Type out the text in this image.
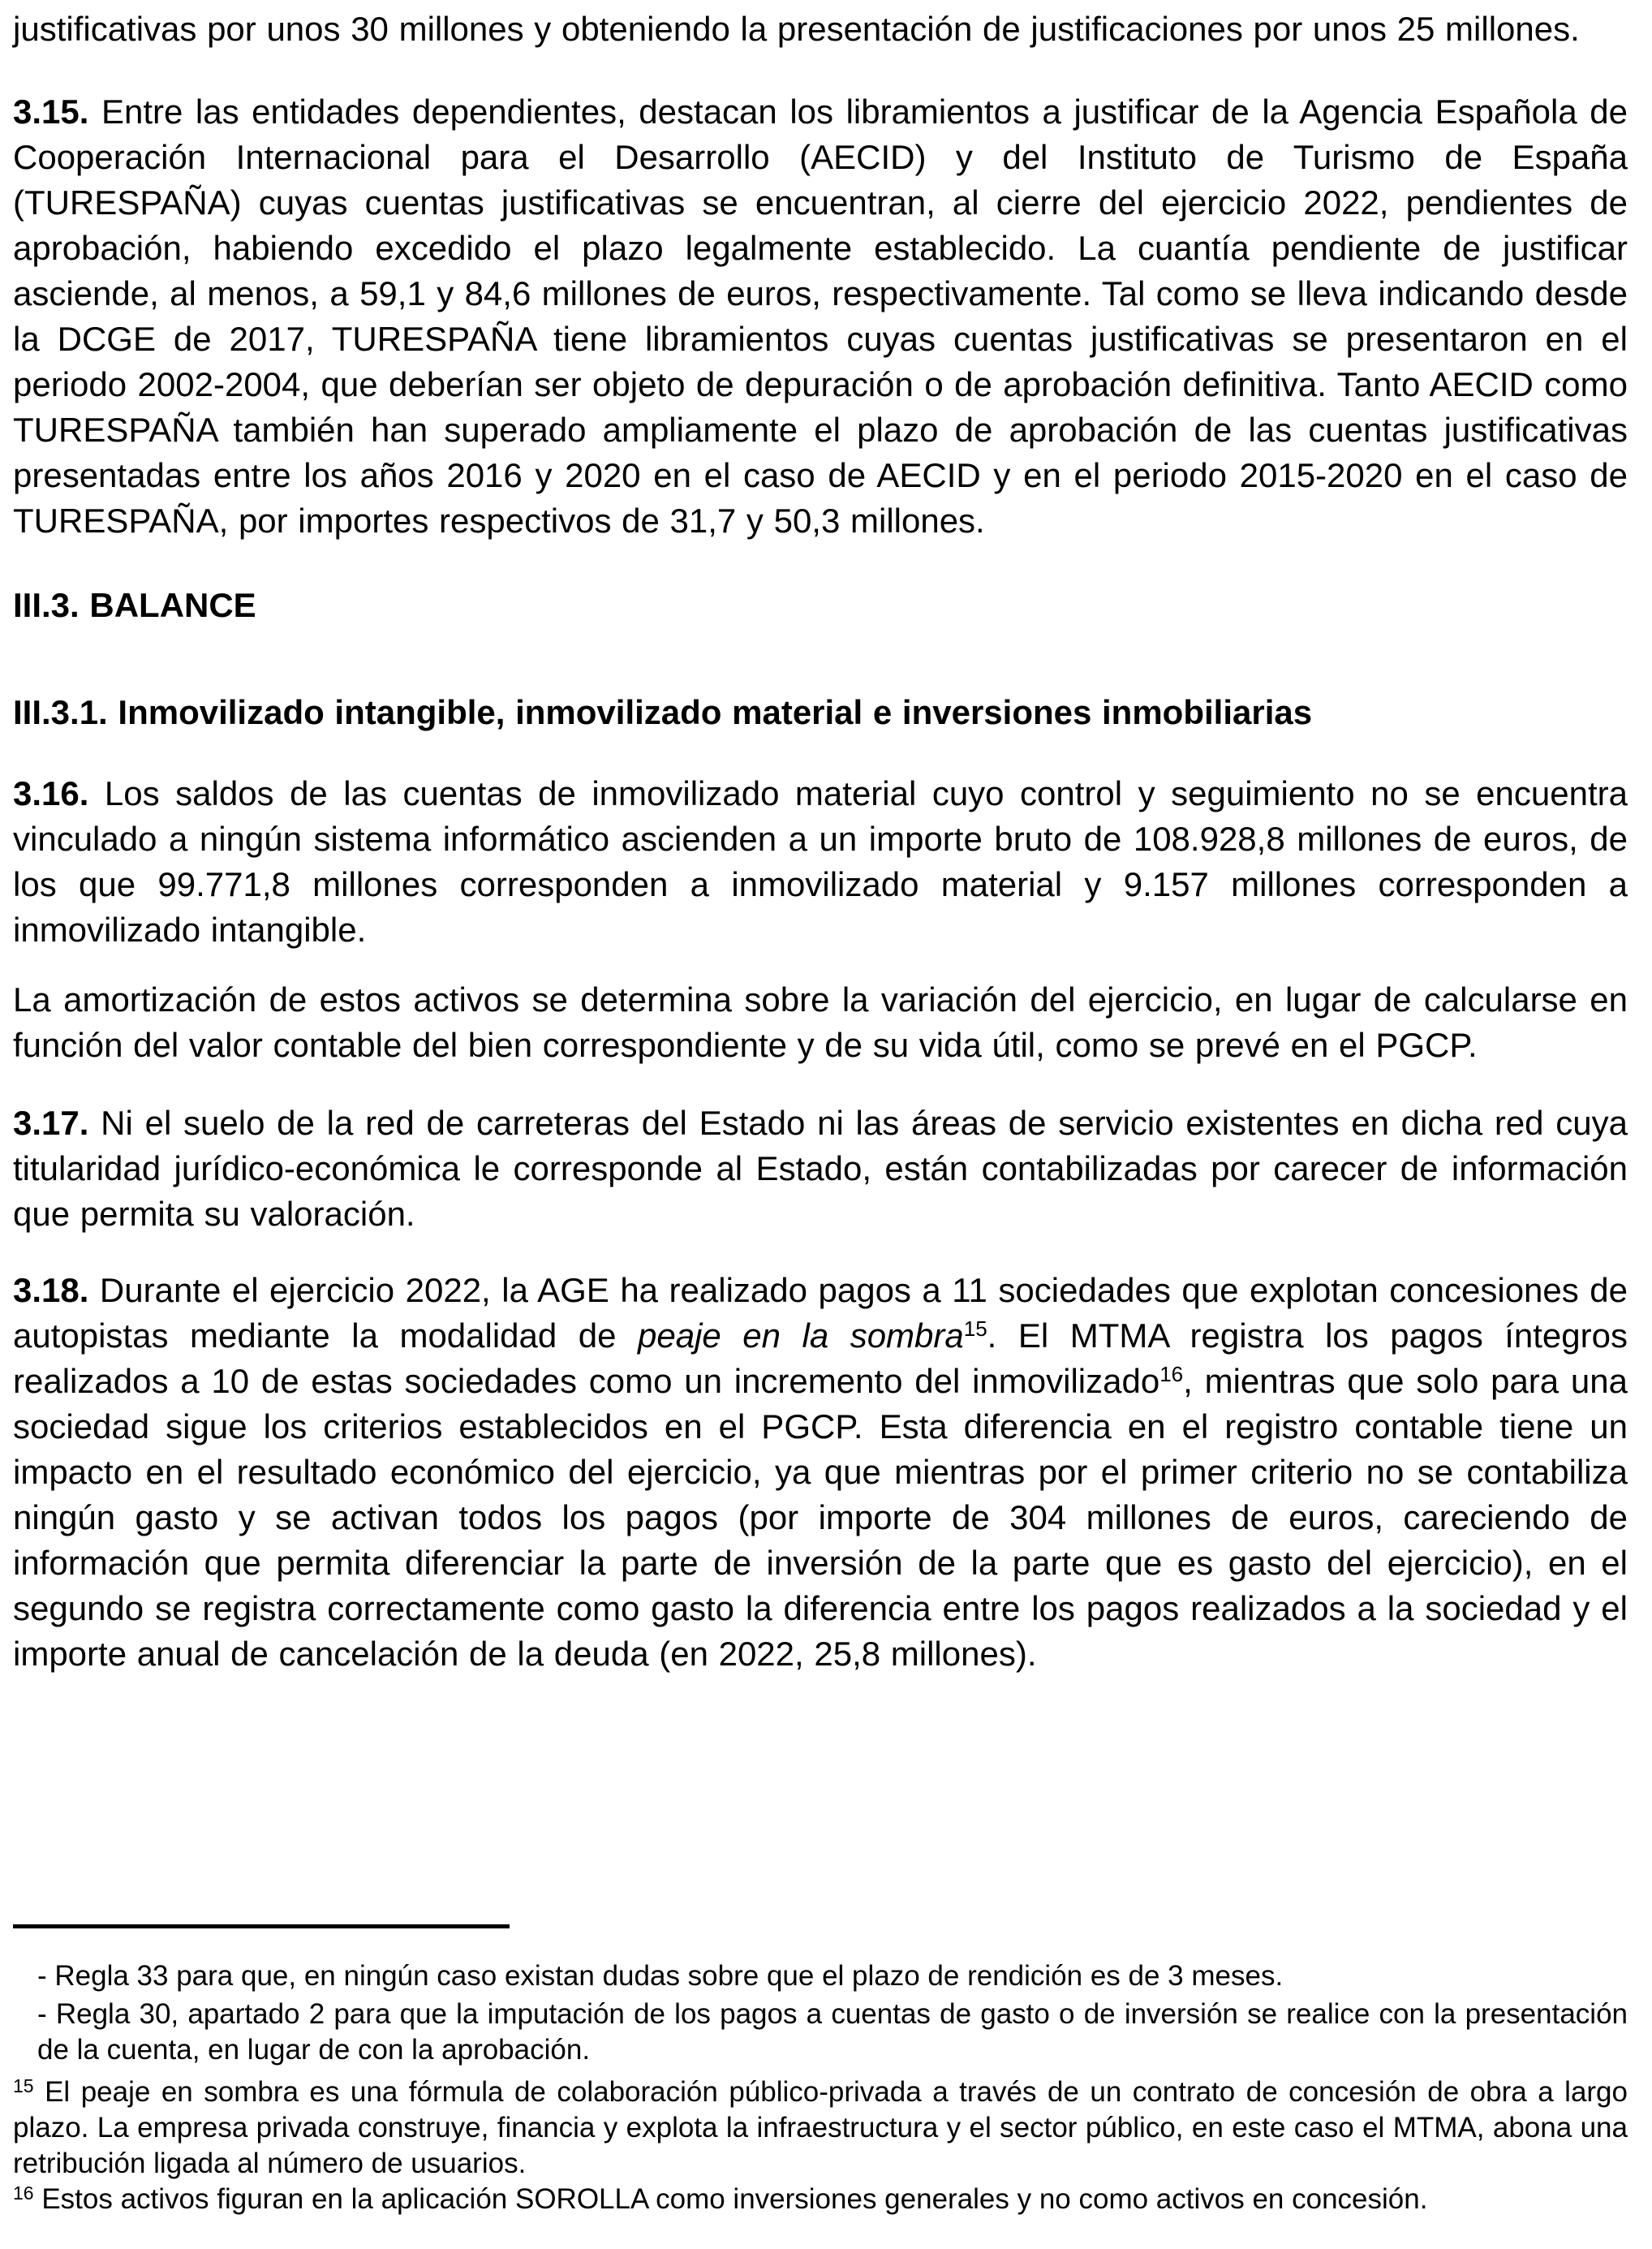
justificativas por unos 30 millones y obteniendo la presentación de justificaciones por unos 25 millones.

3.15. Entre las entidades dependientes, destacan los libramientos a justificar de la Agencia Española de Cooperación Internacional para el Desarrollo (AECID) y del Instituto de Turismo de España (TURESPAÑA) cuyas cuentas justificativas se encuentran, al cierre del ejercicio 2022, pendientes de aprobación, habiendo excedido el plazo legalmente establecido. La cuantía pendiente de justificar asciende, al menos, a 59,1 y 84,6 millones de euros, respectivamente. Tal como se lleva indicando desde la DCGE de 2017, TURESPAÑA tiene libramientos cuyas cuentas justificativas se presentaron en el periodo 2002-2004, que deberían ser objeto de depuración o de aprobación definitiva. Tanto AECID como TURESPAÑA también han superado ampliamente el plazo de aprobación de las cuentas justificativas presentadas entre los años 2016 y 2020 en el caso de AECID y en el periodo 2015-2020 en el caso de TURESPAÑA, por importes respectivos de 31,7 y 50,3 millones.

III.3. BALANCE

III.3.1. Inmovilizado intangible, inmovilizado material e inversiones inmobiliarias

3.16. Los saldos de las cuentas de inmovilizado material cuyo control y seguimiento no se encuentra vinculado a ningún sistema informático ascienden a un importe bruto de 108.928,8 millones de euros, de los que 99.771,8 millones corresponden a inmovilizado material y 9.157 millones corresponden a inmovilizado intangible.

La amortización de estos activos se determina sobre la variación del ejercicio, en lugar de calcularse en función del valor contable del bien correspondiente y de su vida útil, como se prevé en el PGCP.

3.17. Ni el suelo de la red de carreteras del Estado ni las áreas de servicio existentes en dicha red cuya titularidad jurídico-económica le corresponde al Estado, están contabilizadas por carecer de información que permita su valoración.

3.18. Durante el ejercicio 2022, la AGE ha realizado pagos a 11 sociedades que explotan concesiones de autopistas mediante la modalidad de peaje en la sombra$^{15}$. El MTMA registra los pagos íntegros realizados a 10 de estas sociedades como un incremento del inmovilizado$^{16}$, mientras que solo para una sociedad sigue los criterios establecidos en el PGCP. Esta diferencia en el registro contable tiene un impacto en el resultado económico del ejercicio, ya que mientras por el primer criterio no se contabiliza ningún gasto y se activan todos los pagos (por importe de 304 millones de euros, careciendo de información que permita diferenciar la parte de inversión de la parte que es gasto del ejercicio), en el segundo se registra correctamente como gasto la diferencia entre los pagos realizados a la sociedad y el importe anual de cancelación de la deuda (en 2022, 25,8 millones).

- Regla 33 para que, en ningún caso existan dudas sobre que el plazo de rendición es de 3 meses.

- Regla 30, apartado 2 para que la imputación de los pagos a cuentas de gasto o de inversión se realice con la presentación de la cuenta, en lugar de con la aprobación.

$^{15}$ El peaje en sombra es una fórmula de colaboración público-privada a través de un contrato de concesión de obra a largo plazo. La empresa privada construye, financia y explota la infraestructura y el sector público, en este caso el MTMA, abona una retribución ligada al número de usuarios.

$^{16}$ Estos activos figuran en la aplicación SOROLLA como inversiones generales y no como activos en concesión.
